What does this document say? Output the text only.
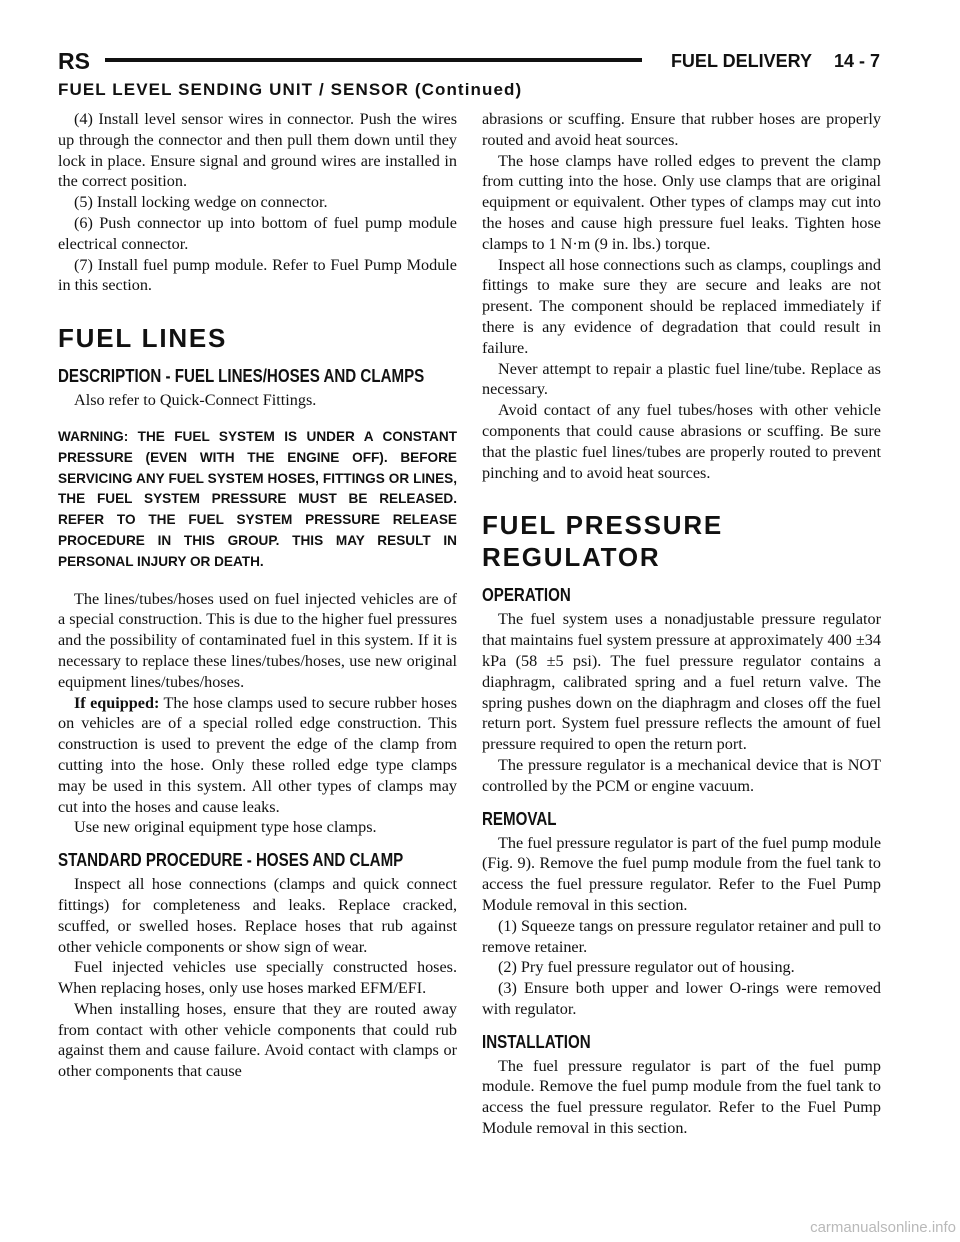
RS	FUEL DELIVERY 14 - 7
FUEL LEVEL SENDING UNIT / SENSOR (Continued)

(4) Install level sensor wires in connector. Push the wires up through the connector and then pull them down until they lock in place. Ensure signal and ground wires are installed in the correct position.

(5) Install locking wedge on connector.

(6) Push connector up into bottom of fuel pump module electrical connector.

(7) Install fuel pump module. Refer to Fuel Pump Module in this section.

FUEL LINES
DESCRIPTION - FUEL LINES/HOSES AND CLAMPS

Also refer to Quick-Connect Fittings.

WARNING: THE FUEL SYSTEM IS UNDER A CONSTANT PRESSURE (EVEN WITH THE ENGINE OFF). BEFORE SERVICING ANY FUEL SYSTEM HOSES, FITTINGS OR LINES, THE FUEL SYSTEM PRESSURE MUST BE RELEASED. REFER TO THE FUEL SYSTEM PRESSURE RELEASE PROCEDURE IN THIS GROUP. THIS MAY RESULT IN PERSONAL INJURY OR DEATH.

The lines/tubes/hoses used on fuel injected vehicles are of a special construction. This is due to the higher fuel pressures and the possibility of contaminated fuel in this system. If it is necessary to replace these lines/tubes/hoses, use new original equipment lines/tubes/hoses.

If equipped: The hose clamps used to secure rubber hoses on vehicles are of a special rolled edge construction. This construction is used to prevent the edge of the clamp from cutting into the hose. Only these rolled edge type clamps may be used in this system. All other types of clamps may cut into the hoses and cause leaks.

Use new original equipment type hose clamps.

STANDARD PROCEDURE - HOSES AND CLAMP

Inspect all hose connections (clamps and quick connect fittings) for completeness and leaks. Replace cracked, scuffed, or swelled hoses. Replace hoses that rub against other vehicle components or show sign of wear.

Fuel injected vehicles use specially constructed hoses. When replacing hoses, only use hoses marked EFM/EFI.

When installing hoses, ensure that they are routed away from contact with other vehicle components that could rub against them and cause failure. Avoid contact with clamps or other components that cause

abrasions or scuffing. Ensure that rubber hoses are properly routed and avoid heat sources.

The hose clamps have rolled edges to prevent the clamp from cutting into the hose. Only use clamps that are original equipment or equivalent. Other types of clamps may cut into the hoses and cause high pressure fuel leaks. Tighten hose clamps to 1 N·m (9 in. lbs.) torque.

Inspect all hose connections such as clamps, couplings and fittings to make sure they are secure and leaks are not present. The component should be replaced immediately if there is any evidence of degradation that could result in failure.

Never attempt to repair a plastic fuel line/tube. Replace as necessary.

Avoid contact of any fuel tubes/hoses with other vehicle components that could cause abrasions or scuffing. Be sure that the plastic fuel lines/tubes are properly routed to prevent pinching and to avoid heat sources.

FUEL PRESSURE REGULATOR
OPERATION

The fuel system uses a nonadjustable pressure regulator that maintains fuel system pressure at approximately 400 ±34 kPa (58 ±5 psi). The fuel pressure regulator contains a diaphragm, calibrated spring and a fuel return valve. The spring pushes down on the diaphragm and closes off the fuel return port. System fuel pressure reflects the amount of fuel pressure required to open the return port.

The pressure regulator is a mechanical device that is NOT controlled by the PCM or engine vacuum.

REMOVAL

The fuel pressure regulator is part of the fuel pump module (Fig. 9). Remove the fuel pump module from the fuel tank to access the fuel pressure regulator. Refer to the Fuel Pump Module removal in this section.

(1) Squeeze tangs on pressure regulator retainer and pull to remove retainer.

(2) Pry fuel pressure regulator out of housing.

(3) Ensure both upper and lower O-rings were removed with regulator.

INSTALLATION

The fuel pressure regulator is part of the fuel pump module. Remove the fuel pump module from the fuel tank to access the fuel pressure regulator. Refer to the Fuel Pump Module removal in this section.

carmanualsonline.info
